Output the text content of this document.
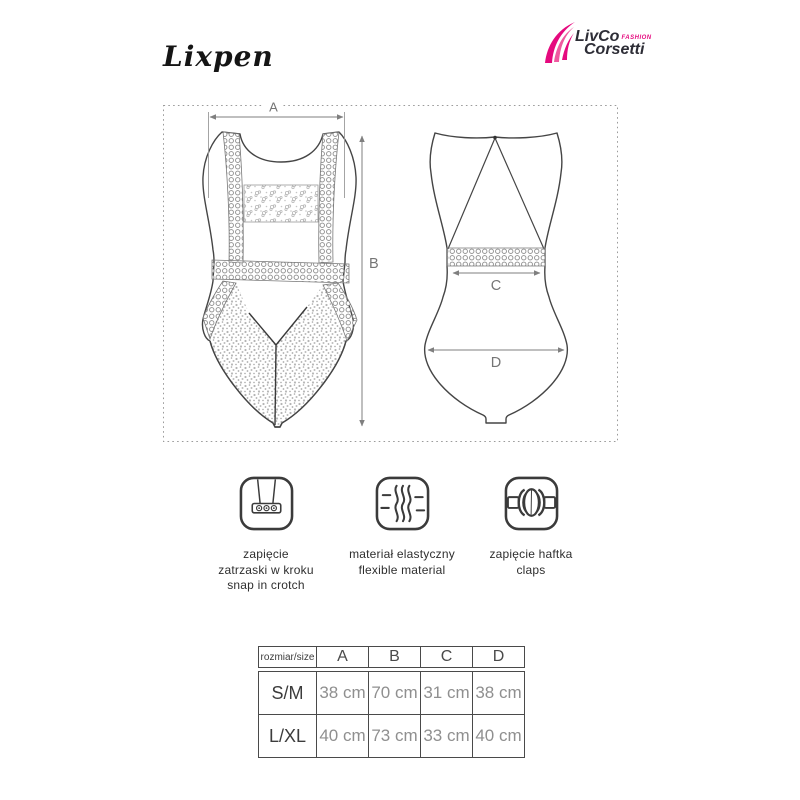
Lixpen
LivCo FASHION
Corsetti
A
B
C
D
zapięcie
zatrzaski w kroku
snap in crotch
materiał elastyczny
flexible material
zapięcie haftka
claps
rozmiar/size	A	B	C	D
S/M	38 cm	70 cm	31 cm	38 cm
L/XL	40 cm	73 cm	33 cm	40 cm
